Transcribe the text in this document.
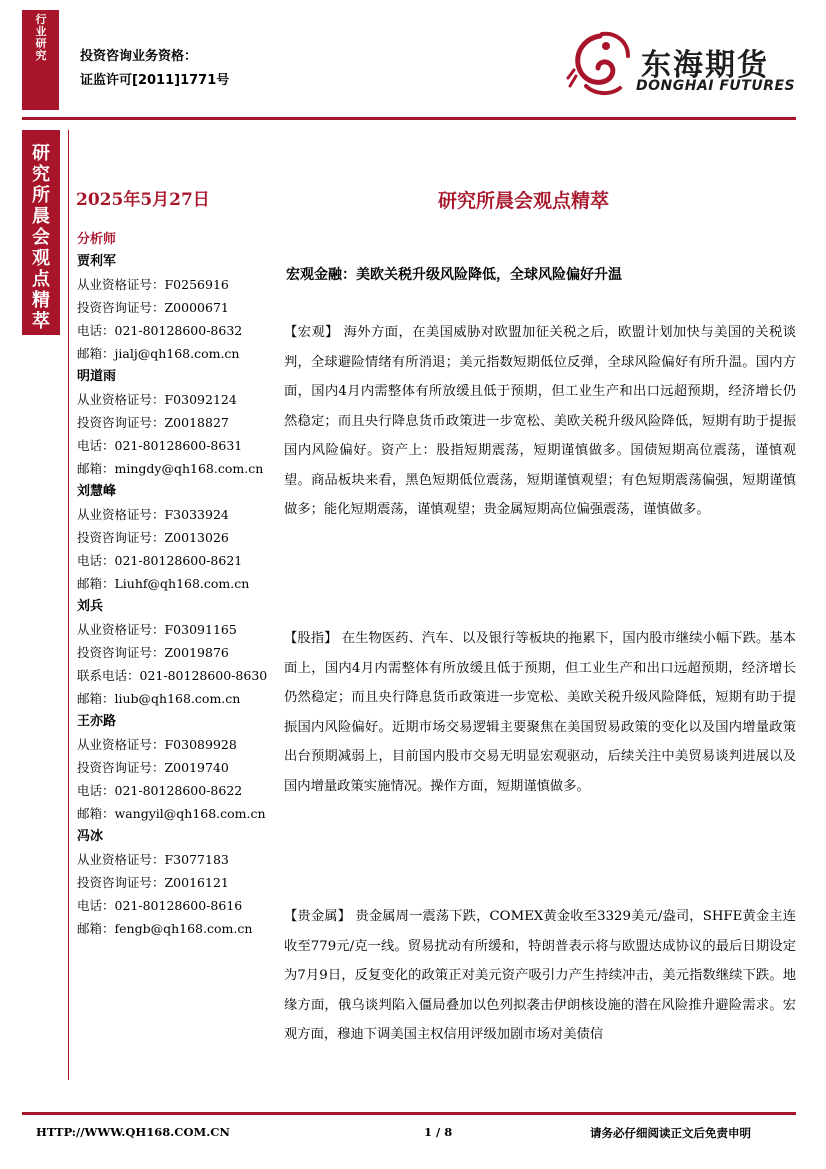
行
业
研
究	投资咨询业务资格：
证监许可[2011]1771号	东海期货
DONGHAI FUTURES
研
究
所
晨
会
观
点
精
萃
2025年5月27日
分析师
贾利军
从业资格证号：F0256916
投资咨询证号：Z0000671
电话：021-80128600-8632
邮箱：jialj@qh168.com.cn
明道雨
从业资格证号：F03092124
投资咨询证号：Z0018827
电话：021-80128600-8631
邮箱：mingdy@qh168.com.cn
刘慧峰
从业资格证号：F3033924
投资咨询证号：Z0013026
电话：021-80128600-8621
邮箱：Liuhf@qh168.com.cn
刘兵
从业资格证号：F03091165
投资咨询证号：Z0019876
联系电话：021-80128600-8630
邮箱：liub@qh168.com.cn
王亦路
从业资格证号：F03089928
投资咨询证号：Z0019740
电话：021-80128600-8622
邮箱：wangyil@qh168.com.cn
冯冰
从业资格证号：F3077183
投资咨询证号：Z0016121
电话：021-80128600-8616
邮箱：fengb@qh168.com.cn
研究所晨会观点精萃
宏观金融：美欧关税升级风险降低，全球风险偏好升温
【宏观】 海外方面，在美国威胁对欧盟加征关税之后，欧盟计划加快与美国的关税谈判，全球避险情绪有所消退；美元指数短期低位反弹，全球风险偏好有所升温。国内方面，国内4月内需整体有所放缓且低于预期，但工业生产和出口远超预期，经济增长仍然稳定；而且央行降息货币政策进一步宽松、美欧关税升级风险降低，短期有助于提振国内风险偏好。资产上：股指短期震荡，短期谨慎做多。国债短期高位震荡，谨慎观望。商品板块来看，黑色短期低位震荡，短期谨慎观望；有色短期震荡偏强，短期谨慎做多；能化短期震荡，谨慎观望；贵金属短期高位偏强震荡，谨慎做多。
【股指】 在生物医药、汽车、以及银行等板块的拖累下，国内股市继续小幅下跌。基本面上，国内4月内需整体有所放缓且低于预期，但工业生产和出口远超预期，经济增长仍然稳定；而且央行降息货币政策进一步宽松、美欧关税升级风险降低，短期有助于提振国内风险偏好。近期市场交易逻辑主要聚焦在美国贸易政策的变化以及国内增量政策出台预期减弱上，目前国内股市交易无明显宏观驱动，后续关注中美贸易谈判进展以及国内增量政策实施情况。操作方面，短期谨慎做多。
【贵金属】 贵金属周一震荡下跌，COMEX黄金收至3329美元/盎司，SHFE黄金主连收至779元/克一线。贸易扰动有所缓和，特朗普表示将与欧盟达成协议的最后日期设定为7月9日，反复变化的政策正对美元资产吸引力产生持续冲击，美元指数继续下跌。地缘方面，俄乌谈判陷入僵局叠加以色列拟袭击伊朗核设施的潜在风险推升避险需求。宏观方面，穆迪下调美国主权信用评级加剧市场对美债信
HTTP://WWW.QH168.COM.CN	1 / 8	请务必仔细阅读正文后免责申明
